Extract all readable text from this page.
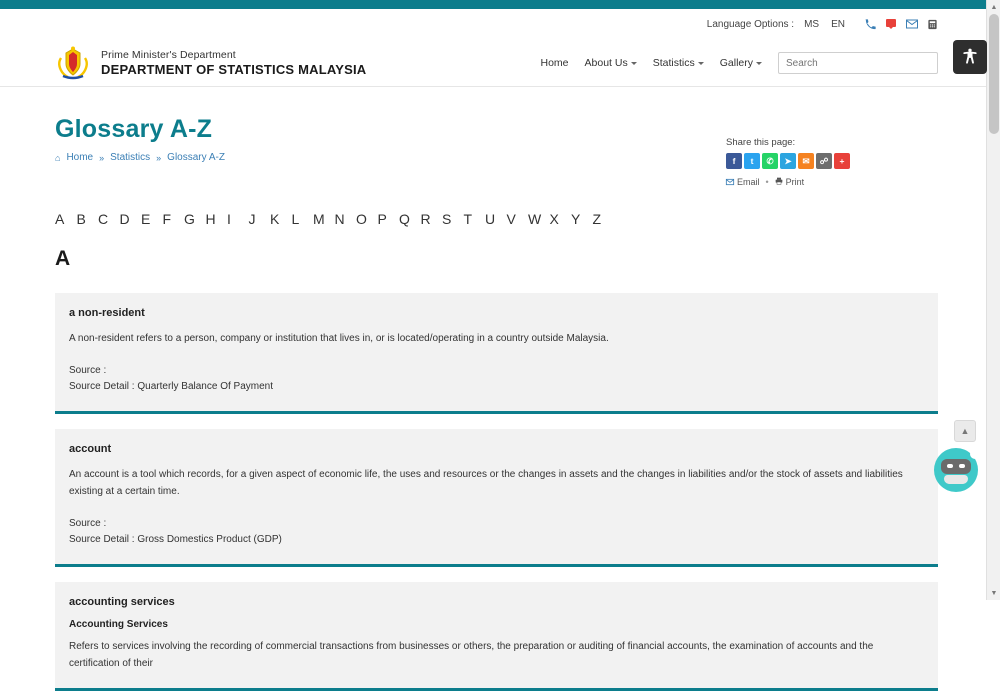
Language Options : MS EN
Prime Minister's Department
DEPARTMENT OF STATISTICS MALAYSIA	Home About Us Statistics Gallery
Search
Glossary A-Z
⌂ Home » Statistics » Glossary A-Z
Share this page:
f	t	✆	➤	✉	☍	+
Email • Print
A B C D E F G H I	J	K L M N O P Q R S T U V W X Y Z
A
a non-resident
A non-resident refers to a person, company or institution that lives in, or is located/operating in a country outside Malaysia.
Source :
Source Detail : Quarterly Balance Of Payment
account
An account is a tool which records, for a given aspect of economic life, the uses and resources or the changes in assets and the changes in liabilities and/or the stock of assets and liabilities existing at a certain time.
Source :
Source Detail : Gross Domestics Product (GDP)
accounting services
Accounting Services
Refers to services involving the recording of commercial transactions from businesses or others, the preparation or auditing of financial accounts, the examination of accounts and the certification of their
▲
▲
▼
